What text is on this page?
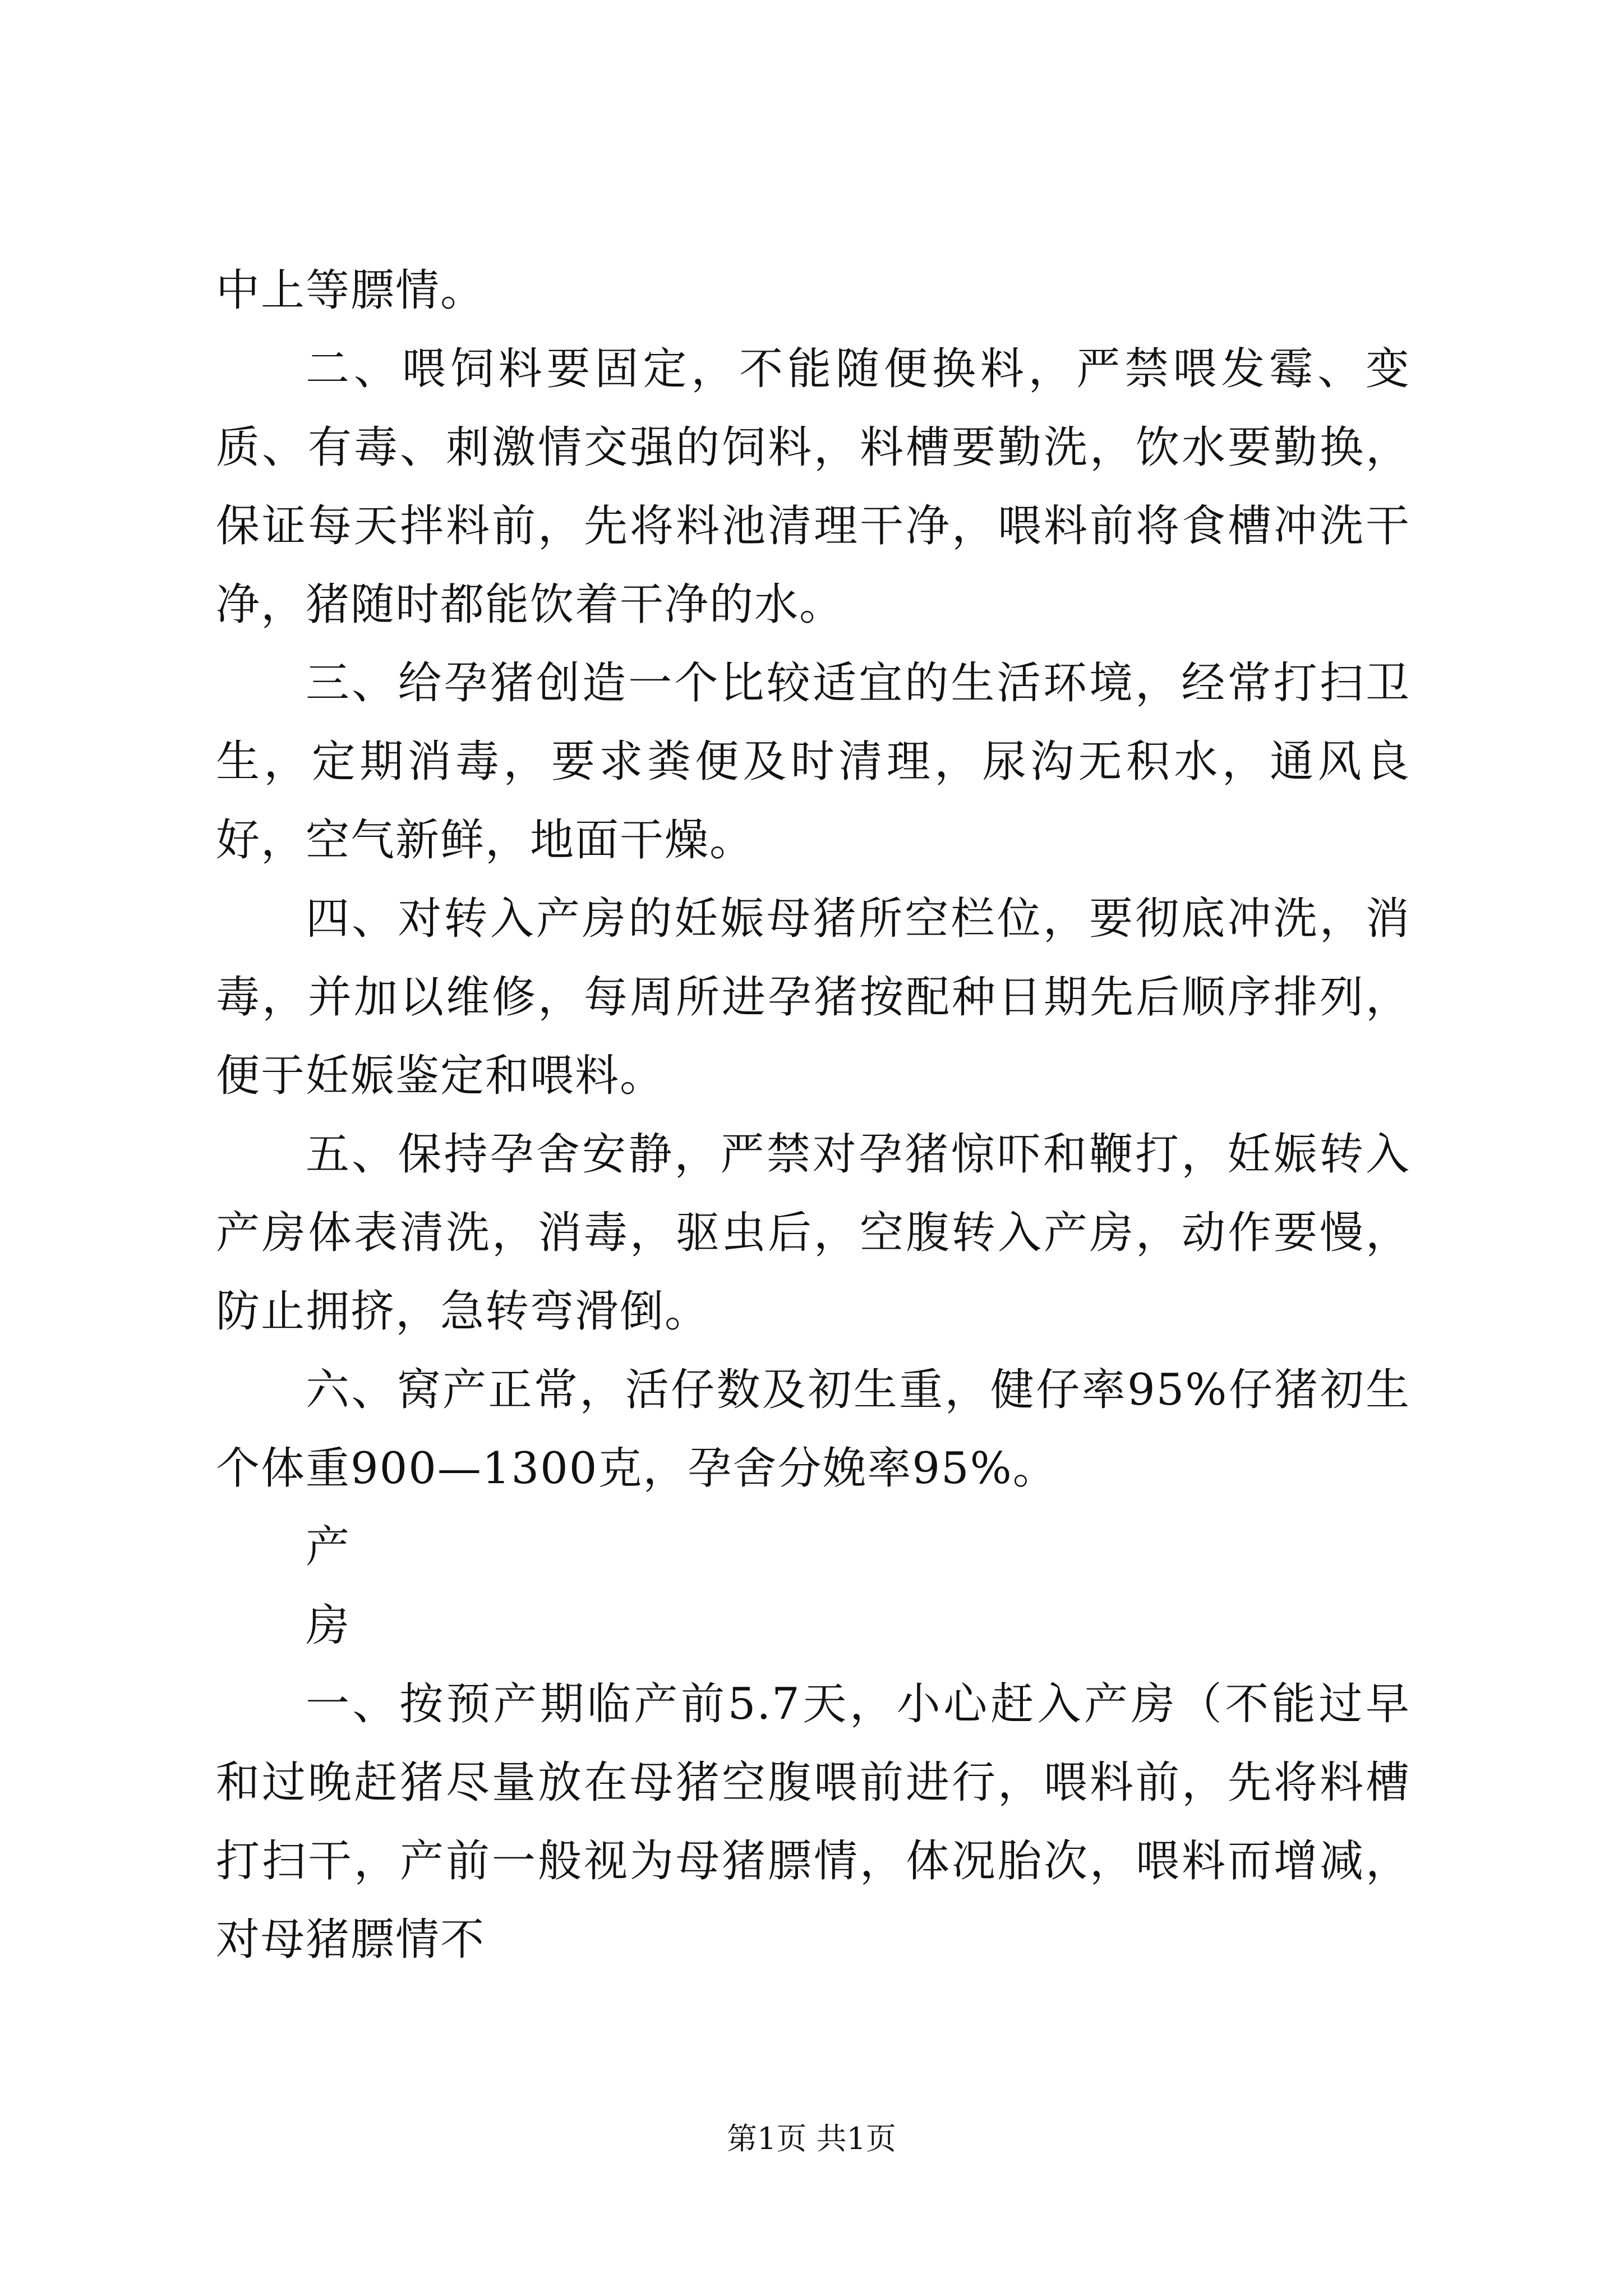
中上等膘情。

二、喂饲料要固定，不能随便换料，严禁喂发霉、变质、有毒、刺激情交强的饲料，料槽要勤洗，饮水要勤换，保证每天拌料前，先将料池清理干净，喂料前将食槽冲洗干净，猪随时都能饮着干净的水。

三、给孕猪创造一个比较适宜的生活环境，经常打扫卫生，定期消毒，要求粪便及时清理，尿沟无积水，通风良好，空气新鲜，地面干燥。

四、对转入产房的妊娠母猪所空栏位，要彻底冲洗，消毒，并加以维修，每周所进孕猪按配种日期先后顺序排列，便于妊娠鉴定和喂料。

五、保持孕舍安静，严禁对孕猪惊吓和鞭打，妊娠转入产房体表清洗，消毒，驱虫后，空腹转入产房，动作要慢，防止拥挤，急转弯滑倒。

六、窝产正常，活仔数及初生重，健仔率95%仔猪初生个体重900—1300克，孕舍分娩率95%。

产

房

一、按预产期临产前5.7天，小心赶入产房（不能过早和过晚赶猪尽量放在母猪空腹喂前进行，喂料前，先将料槽打扫干，产前一般视为母猪膘情，体况胎次，喂料而增减，对母猪膘情不

第1页 共1页
